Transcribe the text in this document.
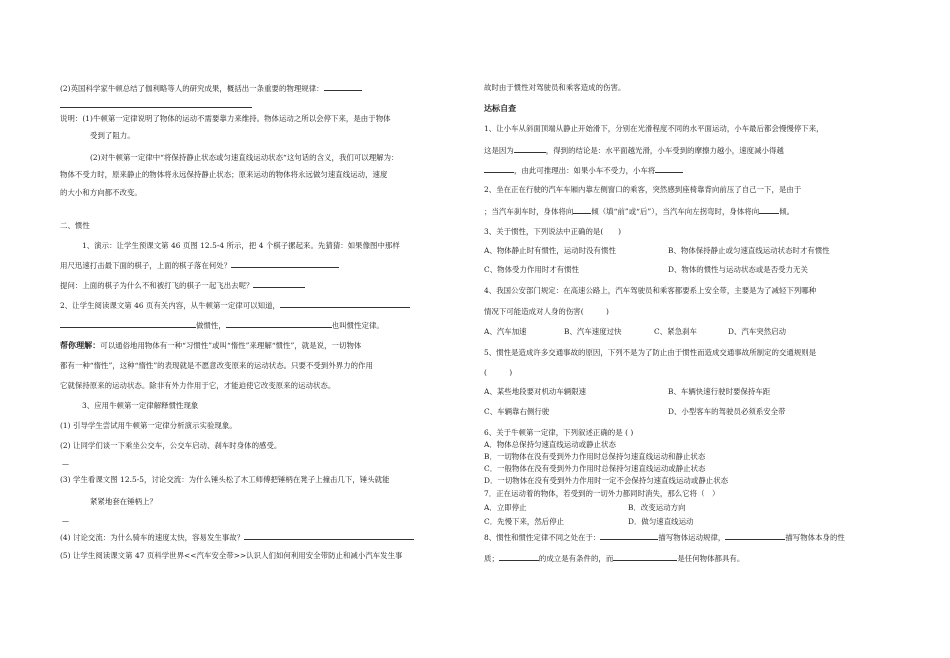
(2)英国科学家牛顿总结了伽利略等人的研究成果，概括出一条重要的物理规律：
说明：(1)牛顿第一定律说明了物体的运动不需要靠力来维持。物体运动之所以会停下来，是由于物体
受到了阻力。
(2)对牛顿第一定律中“将保持静止状态或匀速直线运动状态“这句话的含义，我们可以理解为：
物体不受力时，原来静止的物体将永远保持静止状态；原来运动的物体将永远做匀速直线运动，速度
的大小和方向都不改变。
二、惯性
1、演示：让学生预课文第 46 页图 12.5-4 所示，把 4 个棋子摞起来。先猜猜：如果像图中那样
用尺迅速打击最下面的棋子，上面的棋子落在何处？
提问：上面的棋子为什么不和被打飞的棋子一起飞出去呢？
2、让学生阅读课文第 46 页有关内容，从牛顿第一定律可以知道，
做惯性，	也叫惯性定律。
帮你理解：可以通俗地用物体有一种“习惯性”或叫“惰性”来理解“惯性”，就是说，一切物体
都有一种“惰性”，这种“惰性”的表现就是不愿意改变原来的运动状态。只要不受到外界力的作用
它就保持原来的运动状态。除非有外力作用于它，才能迫使它改变原来的运动状态。
3、应用牛顿第一定律解释惯性现象
(1) 引导学生尝试用牛顿第一定律分析演示实验现象。
(2) 让同学们谈一下乘坐公交车，公交车启动、刹车时身体的感受。
—
(3) 学生看课文图 12.5-5，讨论交流：为什么锤头松了木工师傅把锤柄在凳子上撞击几下，锤头就能
紧紧地套在锤柄上？
—
(4) 讨论交流：为什么骑车的速度太快，容易发生事故？
(5) 让学生阅读课文第 47 页科学世界<<汽车安全带>>认识人们如何利用安全带防止和减小汽车发生事
故时由于惯性对驾驶员和乘客造成的伤害。
达标自查
1、让小车从斜面顶端从静止开始滑下，分别在光滑程度不同的水平面运动，小车最后都会慢慢停下来，
这是因为	，得到的结论是：水平面越光滑，小车受到的摩擦力越小，速度减小得越
，由此可推理出：如果小车不受力，小车将
2、坐在正在行驶的汽车车厢内靠左侧窗口的乘客，突然感到座椅靠背向前压了自己一下，是由于
；当汽车刹车时，身体将向 倾（填“前”或“后”），当汽车向左拐弯时，身体将向	倾。
3、关于惯性，下列说法中正确的是(　　)
A、物体静止时有惯性，运动时没有惯性	B、物体保持静止或匀速直线运动状态时才有惯性
C、物体受力作用时才有惯性	D、物体的惯性与运动状态或是否受力无关
4、我国公安部门规定：在高速公路上，汽车驾驶员和乘客都要系上安全带，主要是为了减轻下列哪种
情况下可能造成对人身的伤害(　　　)
A、汽车加速	B、汽车速度过快	C、紧急刹车	D、汽车突然启动
5、惯性是造成许多交通事故的原因，下列不是为了防止由于惯性而造成交通事故所制定的交通规则是
(　　　)
A、某些地段要对机动车辆限速	B、车辆快速行驶时要保持车距
C、车辆靠右侧行驶	D、小型客车的驾驶员必须系安全带
6、关于牛顿第一定律，下列叙述正确的是 ( )
A．物体总保持匀速直线运动或静止状态
B．一切物体在没有受到外力作用时总保持匀速直线运动和静止状态
C．一般物体在没有受到外力作用时总保持匀速直线运动或静止状态
D．一切物体在没有受到外力作用时一定不会保持匀速直线运动或静止状态
7．正在运动着的物体，若受到的一切外力都同时消失，那么它将（　）
A．立即停止	B．改变运动方向
C．先慢下来，然后停止	D．做匀速直线运动
8、惯性和惯性定律不同之处在于：	描写物体运动规律，	描写物体本身的性
质；	的成立是有条件的，而	是任何物体都具有。
